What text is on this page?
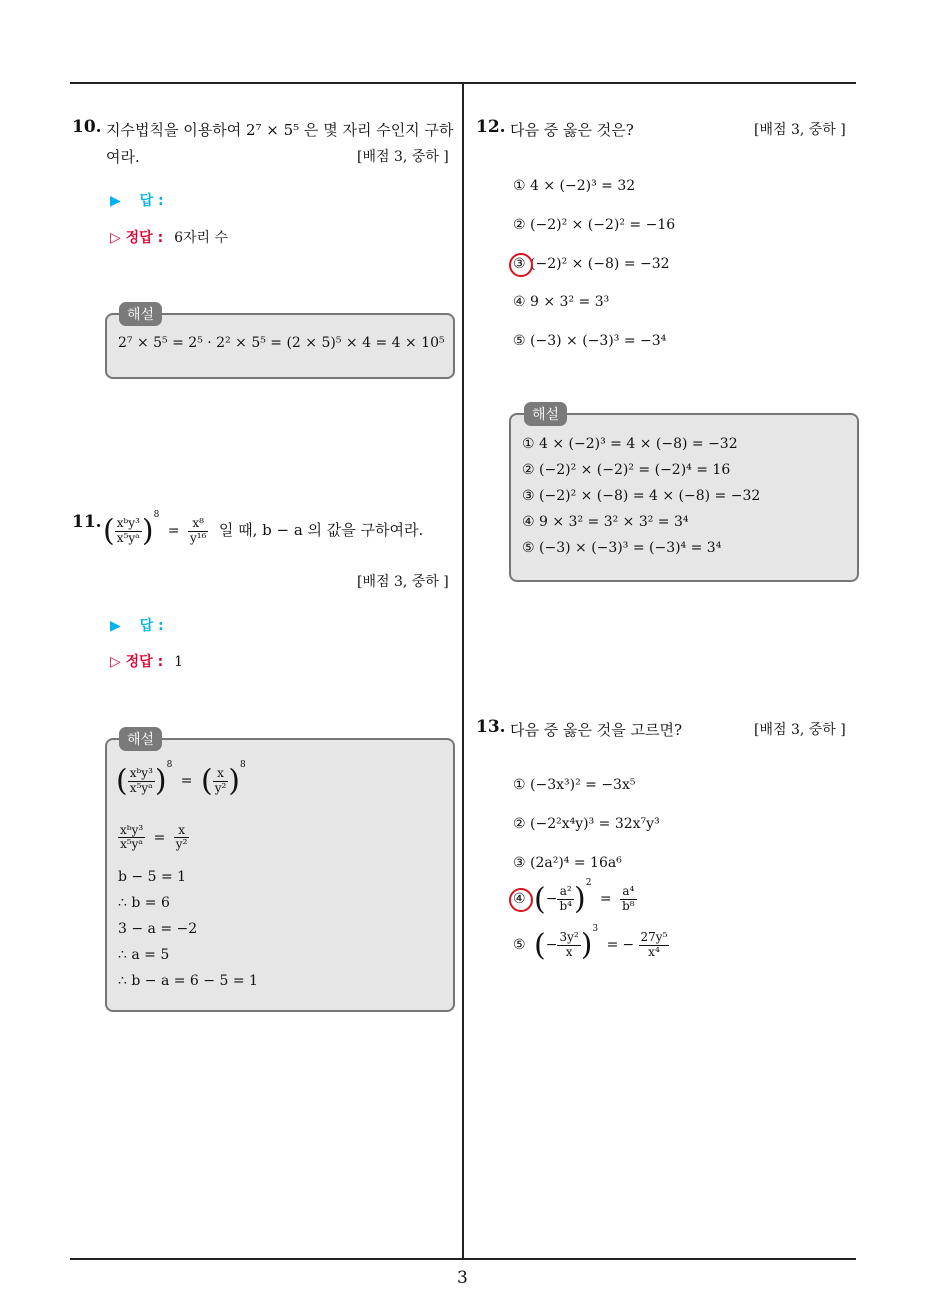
10. 지수법칙을 이용하여 2⁷ × 5⁵ 은 몇 자리 수인지 구하
여라.	[배점 3, 중하 ]
▶ 답 :
▷ 정답 : 6자리 수
해설
2⁷ × 5⁵ = 2⁵ · 2² × 5⁵ = (2 × 5)⁵ × 4 = 4 × 10⁵
11. ( $\frac{\text{xᵇy³}}{\text{x⁵yᵃ}} )^8 = \frac{\text{x⁸}}{\text{y¹⁶}}$ 일 때, b − a 의 값을 구하여라.
[배점 3, 중하 ]
▶ 답 :
▷ 정답 : 1
해설
( $\frac{\text{xᵇy³}}{\text{x⁵yᵃ}} )^8$ = ( $\frac{x}{\text{y²}} )^8$
$\frac{\text{xᵇy³}}{\text{x⁵yᵃ}} = \frac{x}{\text{y²}}$
b − 5 = 1
∴ b = 6
3 − a = −2
∴ a = 5
∴ b − a = 6 − 5 = 1
12. 다음 중 옳은 것은?	[배점 3, 중하 ]
① 4 × (−2)³ = 32
② (−2)² × (−2)² = −16
③ (−2)² × (−8) = −32
④ 9 × 3² = 3³
⑤ (−3) × (−3)³ = −3⁴
해설
① 4 × (−2)³ = 4 × (−8) = −32
② (−2)² × (−2)² = (−2)⁴ = 16
③ (−2)² × (−8) = 4 × (−8) = −32
④ 9 × 3² = 3² × 3² = 3⁴
⑤ (−3) × (−3)³ = (−3)⁴ = 3⁴
13. 다음 중 옳은 것을 고르면?	[배점 3, 중하 ]
① (−3x³)² = −3x⁵
② (−2²x⁴y)³ = 32x⁷y³
③ (2a²)⁴ = 16a⁶
④ (− $\frac{\text{a²}}{\text{b⁴}} )^2 = \frac{\text{a⁴}}{\text{b⁸}}$
⑤ (− $\frac{\text{3y²}}{x} )^3$ = − $\frac{\text{27y⁵}}{\text{x⁴}}$
3
